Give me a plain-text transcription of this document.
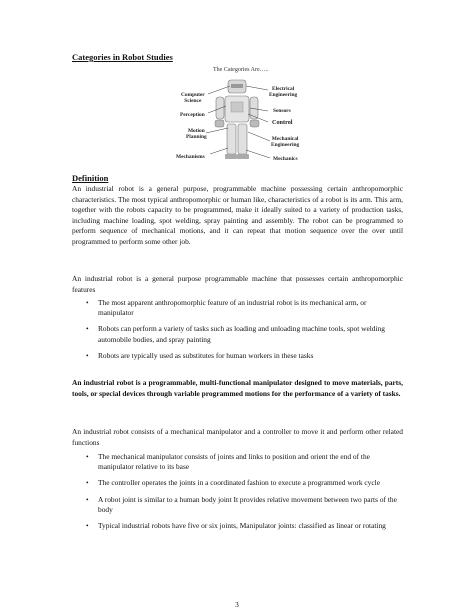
Categories in Robot Studies
The Categories Are…..
Computer
Science
Perception
Motion
Planning
Mechanisms
Electrical
Engineering
Sensors
Control
Mechanical
Engineering
Mechanics
Definition

An industrial robot is a general purpose, programmable machine possessing certain anthropomorphic characteristics. The most typical anthropomorphic or human like, characteristics of a robot is its arm. This arm, together with the robots capacity to be programmed, make it ideally suited to a variety of production tasks, including machine loading, spot welding, spray painting and assembly. The robot can be programmed to perform sequence of mechanical motions, and it can repeat that motion sequence over the over until programmed to perform some other job.

An industrial robot is a general purpose programmable machine that possesses certain anthropomorphic features

• The most apparent anthropomorphic feature of an industrial robot is its mechanical arm, or manipulator
• Robots can perform a variety of tasks such as loading and unloading machine tools, spot welding automobile bodies, and spray painting
• Robots are typically used as substitutes for human workers in these tasks

An industrial robot is a programmable, multi-functional manipulator designed to move materials, parts, tools, or special devices through variable programmed motions for the performance of a variety of tasks.

An industrial robot consists of a mechanical manipulator and a controller to move it and perform other related functions

• The mechanical manipulator consists of joints and links to position and orient the end of the manipulator relative to its base
• The controller operates the joints in a coordinated fashion to execute a programmed work cycle
• A robot joint is similar to a human body joint It provides relative movement between two parts of the body
• Typical industrial robots have five or six joints, Manipulator joints: classified as linear or rotating
3
